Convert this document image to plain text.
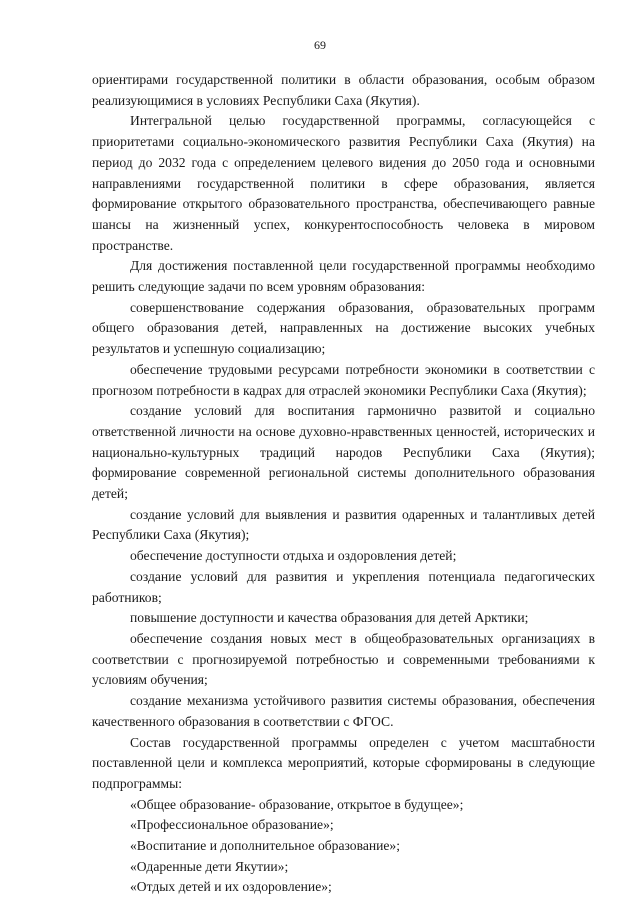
69

ориентирами государственной политики в области образования, особым образом реализующимися в условиях Республики Саха (Якутия).

Интегральной целью государственной программы, согласующейся с приоритетами социально-экономического развития Республики Саха (Якутия) на период до 2032 года с определением целевого видения до 2050 года и основными направлениями государственной политики в сфере образования, является формирование открытого образовательного пространства, обеспечивающего равные шансы на жизненный успех, конкурентоспособность человека в мировом пространстве.

Для достижения поставленной цели государственной программы необходимо решить следующие задачи по всем уровням образования:

совершенствование содержания образования, образовательных программ общего образования детей, направленных на достижение высоких учебных результатов и успешную социализацию;

обеспечение трудовыми ресурсами потребности экономики в соответствии с прогнозом потребности в кадрах для отраслей экономики Республики Саха (Якутия);

создание условий для воспитания гармонично развитой и социально ответственной личности на основе духовно-нравственных ценностей, исторических и национально-культурных традиций народов Республики Саха (Якутия); формирование современной региональной системы дополнительного образования детей;

создание условий для выявления и развития одаренных и талантливых детей Республики Саха (Якутия);

обеспечение доступности отдыха и оздоровления детей;

создание условий для развития и укрепления потенциала педагогических работников;

повышение доступности и качества образования для детей Арктики;

обеспечение создания новых мест в общеобразовательных организациях в соответствии с прогнозируемой потребностью и современными требованиями к условиям обучения;

создание механизма устойчивого развития системы образования, обеспечения качественного образования в соответствии с ФГОС.

Состав государственной программы определен с учетом масштабности поставленной цели и комплекса мероприятий, которые сформированы в следующие подпрограммы:

«Общее образование- образование, открытое в будущее»;

«Профессиональное образование»;

«Воспитание и дополнительное образование»;

«Одаренные дети Якутии»;

«Отдых детей и их оздоровление»;
